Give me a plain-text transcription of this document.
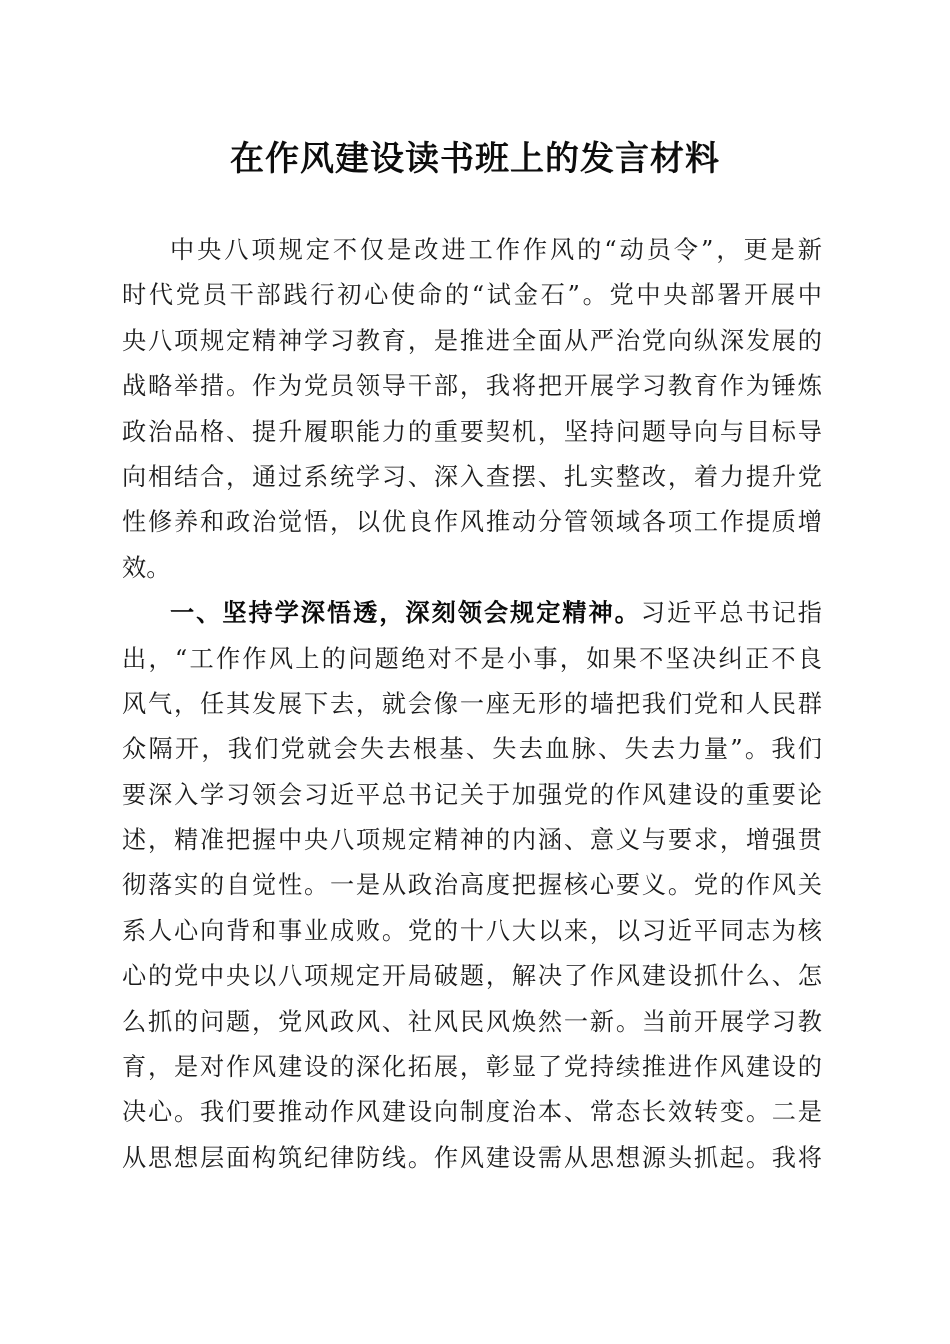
在作风建设读书班上的发言材料
中央八项规定不仅是改进工作作风的“动员令”，更是新
时代党员干部践行初心使命的“试金石”。党中央部署开展中
央八项规定精神学习教育，是推进全面从严治党向纵深发展的
战略举措。作为党员领导干部，我将把开展学习教育作为锤炼
政治品格、提升履职能力的重要契机，坚持问题导向与目标导
向相结合，通过系统学习、深入查摆、扎实整改，着力提升党
性修养和政治觉悟，以优良作风推动分管领域各项工作提质增
效。
一、坚持学深悟透，深刻领会规定精神。习近平总书记指
出，“工作作风上的问题绝对不是小事，如果不坚决纠正不良
风气，任其发展下去，就会像一座无形的墙把我们党和人民群
众隔开，我们党就会失去根基、失去血脉、失去力量”。我们
要深入学习领会习近平总书记关于加强党的作风建设的重要论
述，精准把握中央八项规定精神的内涵、意义与要求，增强贯
彻落实的自觉性。一是从政治高度把握核心要义。党的作风关
系人心向背和事业成败。党的十八大以来，以习近平同志为核
心的党中央以八项规定开局破题，解决了作风建设抓什么、怎
么抓的问题，党风政风、社风民风焕然一新。当前开展学习教
育，是对作风建设的深化拓展，彰显了党持续推进作风建设的
决心。我们要推动作风建设向制度治本、常态长效转变。二是
从思想层面构筑纪律防线。作风建设需从思想源头抓起。我将
